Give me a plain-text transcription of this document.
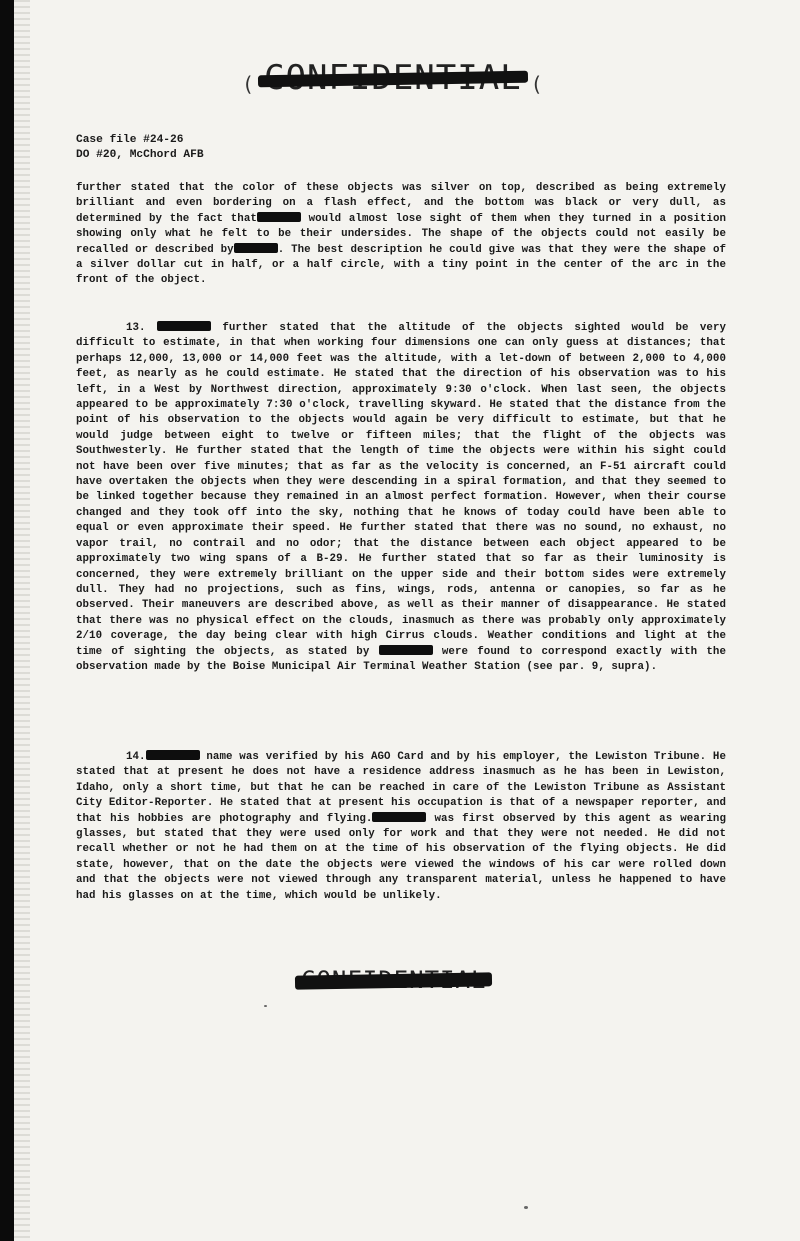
(	(
Case file #24-26
DO #20, McChord AFB

further stated that the color of these objects was silver on top, described as being extremely brilliant and even bordering on a flash effect, and the bottom was black or very dull, as determined by the fact that	would almost lose sight of them when they turned in a position showing only what he felt to be their undersides. The shape of the objects could not easily be recalled or described by	. The best description he could give was that they were the shape of a silver dollar cut in half, or a half circle, with a tiny point in the center of the arc in the front of the object.

13.	further stated that the altitude of the objects sighted would be very difficult to estimate, in that when working four dimensions one can only guess at distances; that perhaps 12,000, 13,000 or 14,000 feet was the altitude, with a let-down of between 2,000 to 4,000 feet, as nearly as he could estimate. He stated that the direction of his observation was to his left, in a West by Northwest direction, approximately 9:30 o'clock. When last seen, the objects appeared to be approximately 7:30 o'clock, travelling skyward. He stated that the distance from the point of his observation to the objects would again be very difficult to estimate, but that he would judge between eight to twelve or fifteen miles; that the flight of the objects was Southwesterly. He further stated that the length of time the objects were within his sight could not have been over five minutes; that as far as the velocity is concerned, an F-51 aircraft could have overtaken the objects when they were descending in a spiral formation, and that they seemed to be linked together because they remained in an almost perfect formation. However, when their course changed and they took off into the sky, nothing that he knows of today could have been able to equal or even approximate their speed. He further stated that there was no sound, no exhaust, no vapor trail, no contrail and no odor; that the distance between each object appeared to be approximately two wing spans of a B-29. He further stated that so far as their luminosity is concerned, they were extremely brilliant on the upper side and their bottom sides were extremely dull. They had no projections, such as fins, wings, rods, antenna or canopies, so far as he observed. Their maneuvers are described above, as well as their manner of disappearance. He stated that there was no physical effect on the clouds, inasmuch as there was probably only approximately 2/10 coverage, the day being clear with high Cirrus clouds. Weather conditions and light at the time of sighting the objects, as stated by	were found to correspond exactly with the observation made by the Boise Municipal Air Terminal Weather Station (see par. 9, supra).

14.	name was verified by his AGO Card and by his employer, the Lewiston Tribune. He stated that at present he does not have a residence address inasmuch as he has been in Lewiston, Idaho, only a short time, but that he can be reached in care of the Lewiston Tribune as Assistant City Editor-Reporter. He stated that at present his occupation is that of a newspaper reporter, and that his hobbies are photography and flying.	was first observed by this agent as wearing glasses, but stated that they were used only for work and that they were not needed. He did not recall whether or not he had them on at the time of his observation of the flying objects. He did state, however, that on the date the objects were viewed the windows of his car were rolled down and that the objects were not viewed through any transparent material, unless he happened to have had his glasses on at the time, which would be unlikely.
